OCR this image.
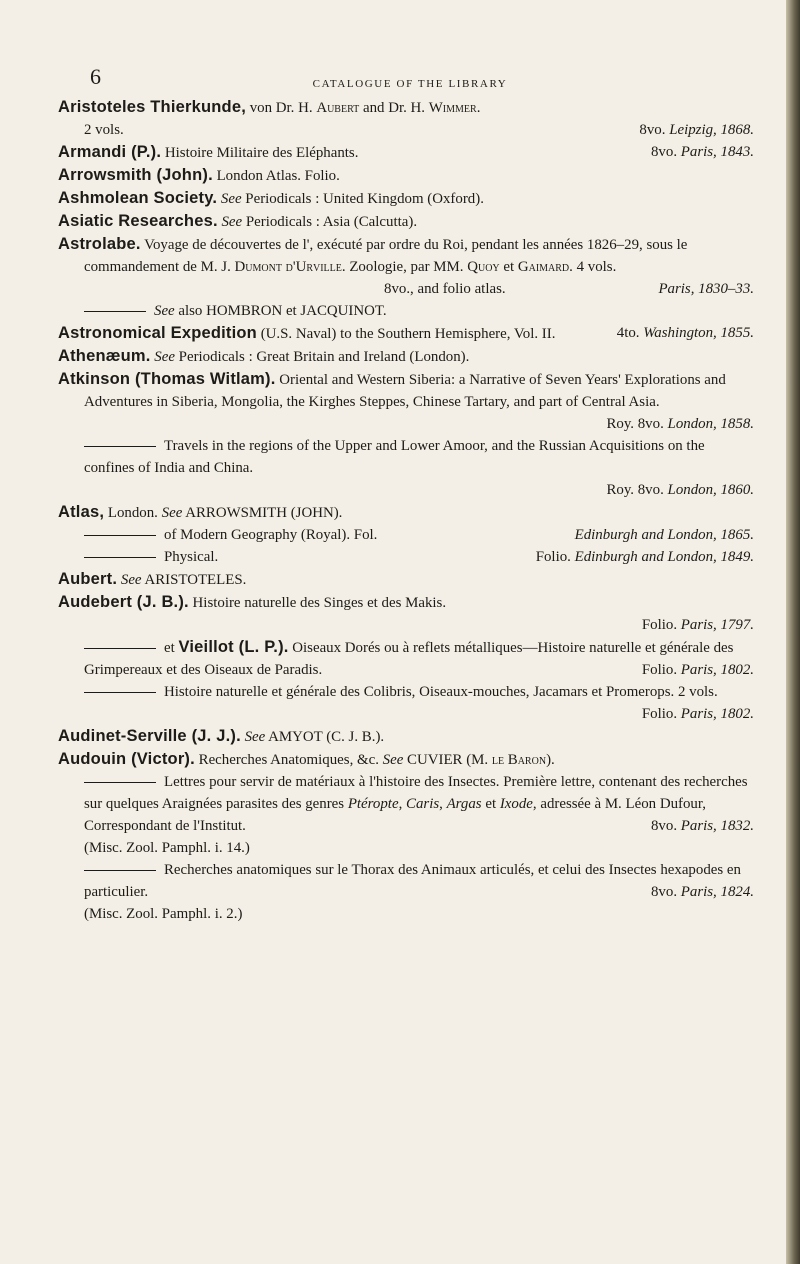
6	CATALOGUE OF THE LIBRARY

Aristoteles Thierkunde, von Dr. H. Aubert and Dr. H. Wimmer.
2 vols.	8vo. Leipzig, 1868.

Armandi (P.). Histoire Militaire des Eléphants.	8vo. Paris, 1843.

Arrowsmith (John). London Atlas. Folio.

Ashmolean Society. See Periodicals : United Kingdom (Oxford).

Asiatic Researches. See Periodicals : Asia (Calcutta).

Astrolabe. Voyage de découvertes de l', exécuté par ordre du Roi, pendant les années 1826–29, sous le commandement de M. J. Dumont d'Urville. Zoologie, par MM. Quoy et Gaimard. 4 vols.
8vo., and folio atlas.	Paris, 1830–33.

See also HOMBRON et JACQUINOT.

Astronomical Expedition (U.S. Naval) to the Southern Hemisphere, Vol. II.	4to. Washington, 1855.

Athenæum. See Periodicals : Great Britain and Ireland (London).

Atkinson (Thomas Witlam). Oriental and Western Siberia: a Narrative of Seven Years' Explorations and Adventures in Siberia, Mongolia, the Kirghes Steppes, Chinese Tartary, and part of Central Asia.
Roy. 8vo. London, 1858.

Travels in the regions of the Upper and Lower Amoor, and the Russian Acquisitions on the confines of India and China.

Roy. 8vo. London, 1860.

Atlas, London. See ARROWSMITH (JOHN).

of Modern Geography (Royal). Fol.	Edinburgh and London, 1865.

Physical.	Folio. Edinburgh and London, 1849.

Aubert. See ARISTOTELES.

Audebert (J. B.). Histoire naturelle des Singes et des Makis.

Folio. Paris, 1797.

et Vieillot (L. P.). Oiseaux Dorés ou à reflets métalliques—Histoire naturelle et générale des Grimpereaux et des Oiseaux de Paradis.	Folio. Paris, 1802.

Histoire naturelle et générale des Colibris, Oiseaux-mouches, Jacamars et Promerops. 2 vols.
Folio. Paris, 1802.

Audinet-Serville (J. J.). See AMYOT (C. J. B.).

Audouin (Victor). Recherches Anatomiques, &c. See CUVIER (M. le Baron).

Lettres pour servir de matériaux à l'histoire des Insectes. Première lettre, contenant des recherches sur quelques Araignées parasites des genres Ptéropte, Caris, Argas et Ixode, adressée à M. Léon Dufour, Correspondant de l'Institut.	8vo. Paris, 1832.

(Misc. Zool. Pamphl. i. 14.)

Recherches anatomiques sur le Thorax des Animaux articulés, et celui des Insectes hexapodes en particulier.	8vo. Paris, 1824.

(Misc. Zool. Pamphl. i. 2.)
